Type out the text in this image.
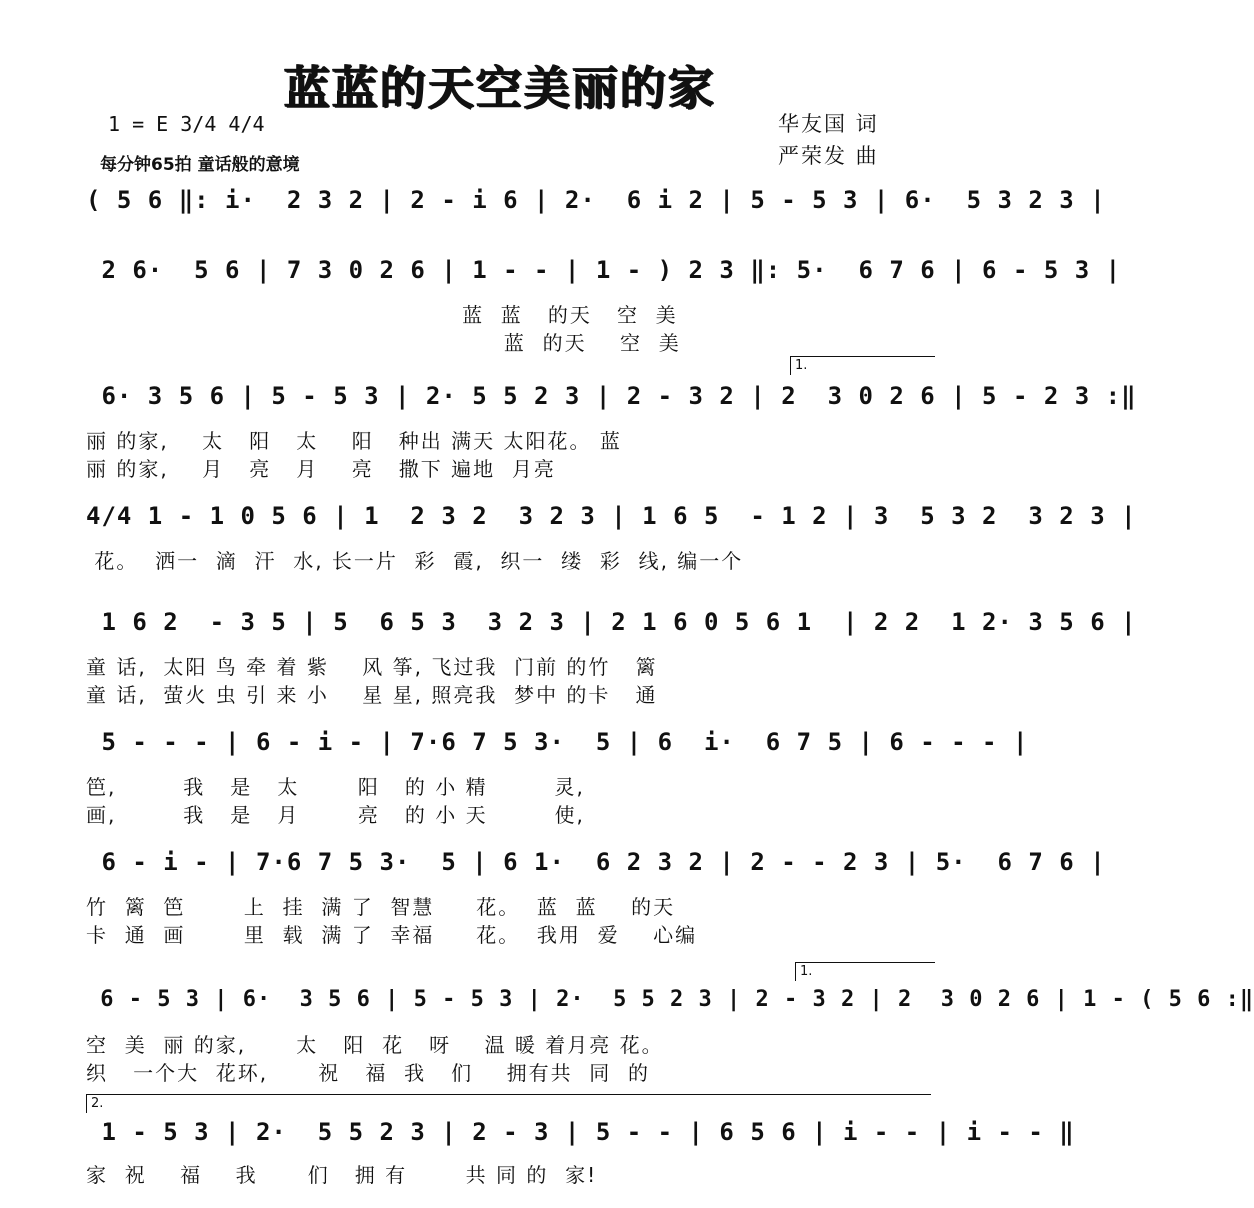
蓝蓝的天空美丽的家
1 = E 3/4 4/4
每分钟65拍 童话般的意境
华友国 词
严荣发 曲
( 5 6 ‖: i·  2 3 2 | 2 - i 6 | 2·  6 i 2 | 5 - 5 3 | 6·  5 3 2 3 |
2 6·  5 6 | 7 3 0 2 6 | 1 - - | 1 - ) 2 3 ‖: 5·  6 7 6 | 6 - 5 3 |
蓝  蓝   的天   空  美
蓝  的天    空  美
1.
6· 3 5 6 | 5 - 5 3 | 2· 5 5 2 3 | 2 - 3 2 | 2  3 0 2 6 | 5 - 2 3 :‖
丽 的家,    太   阳   太    阳   种出 满天 太阳花。 蓝
丽 的家,    月   亮   月    亮   撒下 遍地  月亮
4/4 1 - 1 0 5 6 | 1  2 3 2  3 2 3 | 1 6 5  - 1 2 | 3  5 3 2  3 2 3 |
花。  洒一  滴  汗  水, 长一片  彩  霞,  织一  缕  彩  线, 编一个
1 6 2  - 3 5 | 5  6 5 3  3 2 3 | 2 1 6 0 5 6 1  | 2 2  1 2· 3 5 6 |
童 话,  太阳 鸟 牵 着 紫    风 筝, 飞过我  门前 的竹   篱
童 话,  萤火 虫 引 来 小    星 星, 照亮我  梦中 的卡   通
5 - - - | 6 - i - | 7·6 7 5 3·  5 | 6  i·  6 7 5 | 6 - - - |
笆,        我   是   太       阳   的 小 精        灵,
画,        我   是   月       亮   的 小 天        使,
6 - i - | 7·6 7 5 3·  5 | 6 1·  6 2 3 2 | 2 - - 2 3 | 5·  6 7 6 |
竹  篱  笆       上  挂  满 了  智慧     花。  蓝  蓝    的天
卡  通  画       里  载  满 了  幸福     花。  我用  爱    心编
1.
6 - 5 3 | 6·  3 5 6 | 5 - 5 3 | 2·  5 5 2 3 | 2 - 3 2 | 2  3 0 2 6 | 1 - ( 5 6 :‖
空  美  丽 的家,      太   阳  花   呀    温 暖 着月亮 花。
织   一个大  花环,      祝   福  我   们    拥有共  同  的
2.
1 - 5 3 | 2·  5 5 2 3 | 2 - 3 | 5 - - | 6 5 6 | i - - | i - - ‖
家  祝    福    我      们   拥 有       共 同 的  家!
